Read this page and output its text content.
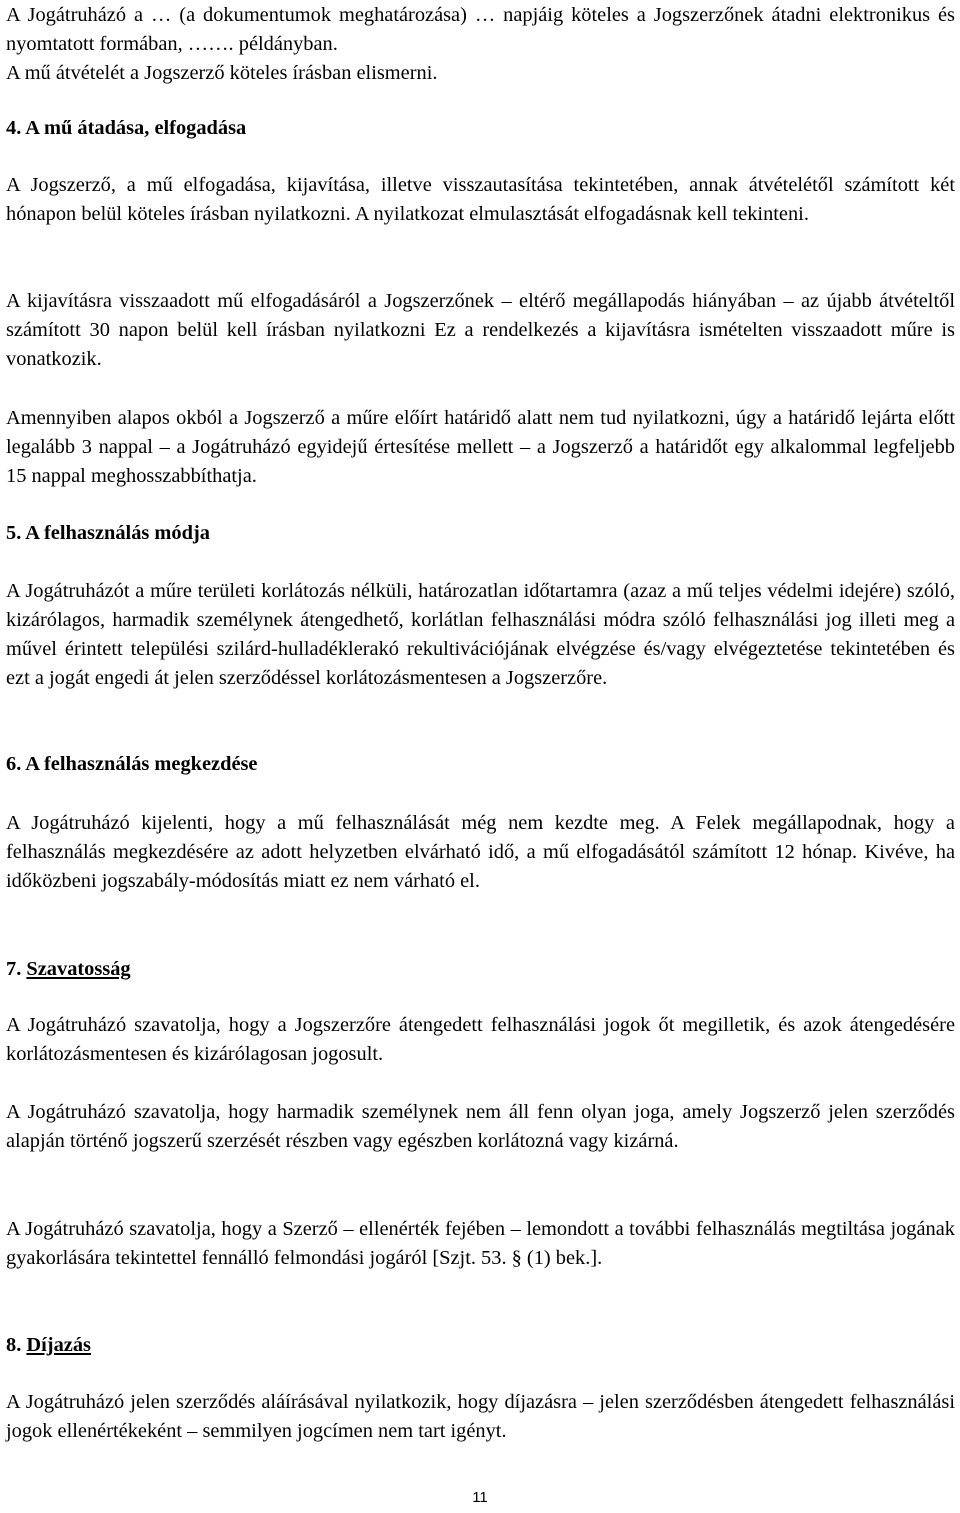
A Jogátruházó a … (a dokumentumok meghatározása) … napjáig köteles a Jogszerzőnek átadni elektronikus és nyomtatott formában, ……. példányban.

A mű átvételét a Jogszerző köteles írásban elismerni.

4. A mű átadása, elfogadása

A Jogszerző, a mű elfogadása, kijavítása, illetve visszautasítása tekintetében, annak átvételétől számított két hónapon belül köteles írásban nyilatkozni. A nyilatkozat elmulasztását elfogadásnak kell tekinteni.

A kijavításra visszaadott mű elfogadásáról a Jogszerzőnek – eltérő megállapodás hiányában – az újabb átvételtől számított 30 napon belül kell írásban nyilatkozni Ez a rendelkezés a kijavításra ismételten visszaadott műre is vonatkozik.

Amennyiben alapos okból a Jogszerző a műre előírt határidő alatt nem tud nyilatkozni, úgy a határidő lejárta előtt legalább 3 nappal – a Jogátruházó egyidejű értesítése mellett – a Jogszerző a határidőt egy alkalommal legfeljebb 15 nappal meghosszabbíthatja.

5. A felhasználás módja

A Jogátruházót a műre területi korlátozás nélküli, határozatlan időtartamra (azaz a mű teljes védelmi idejére) szóló, kizárólagos, harmadik személynek átengedhető, korlátlan felhasználási módra szóló felhasználási jog illeti meg a művel érintett települési szilárd-hulladéklerakó rekultivációjának elvégzése és/vagy elvégeztetése tekintetében és ezt a jogát engedi át jelen szerződéssel korlátozásmentesen a Jogszerzőre.

6. A felhasználás megkezdése

A Jogátruházó kijelenti, hogy a mű felhasználását még nem kezdte meg. A Felek megállapodnak, hogy a felhasználás megkezdésére az adott helyzetben elvárható idő, a mű elfogadásától számított 12 hónap. Kivéve, ha időközbeni jogszabály-módosítás miatt ez nem várható el.

7. Szavatosság

A Jogátruházó szavatolja, hogy a Jogszerzőre átengedett felhasználási jogok őt megilletik, és azok átengedésére korlátozásmentesen és kizárólagosan jogosult.

A Jogátruházó szavatolja, hogy harmadik személynek nem áll fenn olyan joga, amely Jogszerző jelen szerződés alapján történő jogszerű szerzését részben vagy egészben korlátozná vagy kizárná.

A Jogátruházó szavatolja, hogy a Szerző – ellenérték fejében – lemondott a további felhasználás megtiltása jogának gyakorlására tekintettel fennálló felmondási jogáról [Szjt. 53. § (1) bek.].

8. Díjazás

A Jogátruházó jelen szerződés aláírásával nyilatkozik, hogy díjazásra – jelen szerződésben átengedett felhasználási jogok ellenértékeként – semmilyen jogcímen nem tart igényt.

11
